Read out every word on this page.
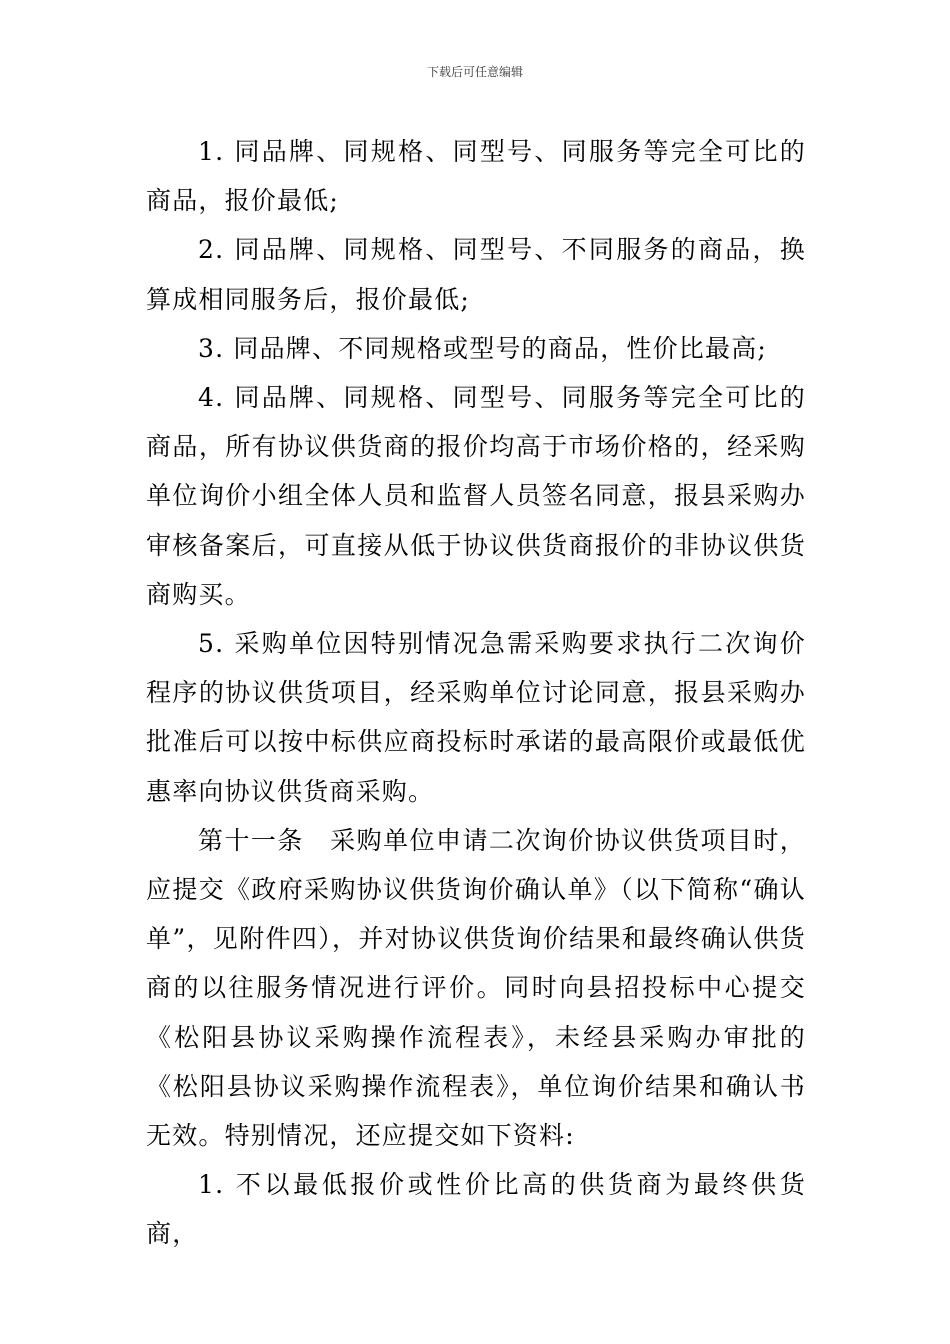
下载后可任意编辑

1. 同品牌、同规格、同型号、同服务等完全可比的商品，报价最低;

2. 同品牌、同规格、同型号、不同服务的商品，换算成相同服务后，报价最低;

3. 同品牌、不同规格或型号的商品，性价比最高;

4. 同品牌、同规格、同型号、同服务等完全可比的商品，所有协议供货商的报价均高于市场价格的，经采购单位询价小组全体人员和监督人员签名同意，报县采购办审核备案后，可直接从低于协议供货商报价的非协议供货商购买。

5. 采购单位因特别情况急需采购要求执行二次询价程序的协议供货项目，经采购单位讨论同意，报县采购办批准后可以按中标供应商投标时承诺的最高限价或最低优惠率向协议供货商采购。

第十一条　采购单位申请二次询价协议供货项目时，应提交《政府采购协议供货询价确认单》（以下简称“确认单”，见附件四），并对协议供货询价结果和最终确认供货商的以往服务情况进行评价。同时向县招投标中心提交《松阳县协议采购操作流程表》，未经县采购办审批的《松阳县协议采购操作流程表》，单位询价结果和确认书无效。特别情况，还应提交如下资料:

1. 不以最低报价或性价比高的供货商为最终供货商，
